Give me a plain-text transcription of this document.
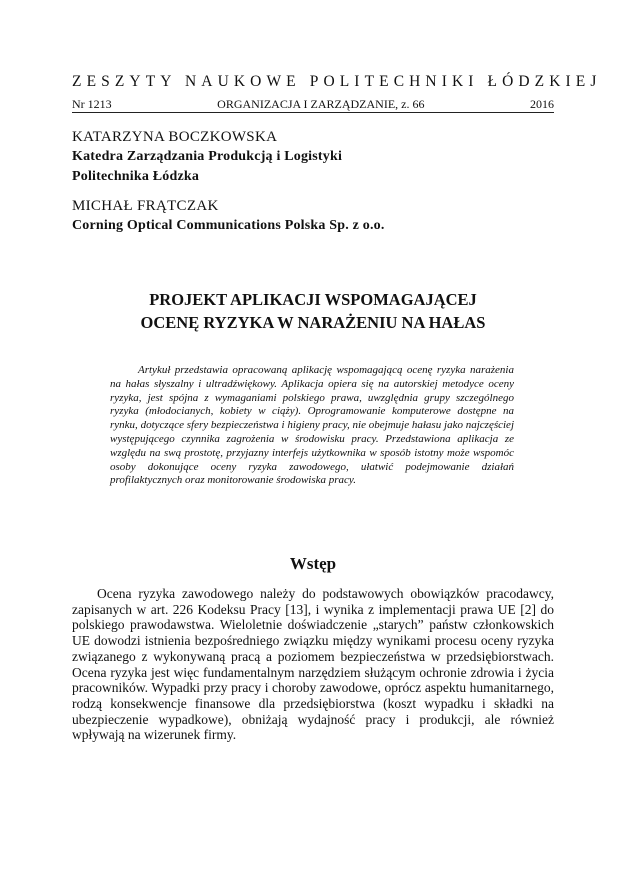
ZESZYTY NAUKOWE POLITECHNIKI ŁÓDZKIEJ
Nr 1213	ORGANIZACJA I ZARZĄDZANIE, z. 66	2016
KATARZYNA BOCZKOWSKA
Katedra Zarządzania Produkcją i Logistyki
Politechnika Łódzka
MICHAŁ FRĄTCZAK
Corning Optical Communications Polska Sp. z o.o.
PROJEKT APLIKACJI WSPOMAGAJĄCEJ
OCENĘ RYZYKA W NARAŻENIU NA HAŁAS

Artykuł przedstawia opracowaną aplikację wspomagającą ocenę ryzyka narażenia na hałas słyszalny i ultradźwiękowy. Aplikacja opiera się na autorskiej metodyce oceny ryzyka, jest spójna z wymaganiami polskiego prawa, uwzględnia grupy szczególnego ryzyka (młodocianych, kobiety w ciąży). Oprogramowanie komputerowe dostępne na rynku, dotyczące sfery bezpieczeństwa i higieny pracy, nie obejmuje hałasu jako najczęściej występującego czynnika zagrożenia w środowisku pracy. Przedstawiona aplikacja ze względu na swą prostotę, przyjazny interfejs użytkownika w sposób istotny może wspomóc osoby dokonujące oceny ryzyka zawodowego, ułatwić podejmowanie działań profilaktycznych oraz monitorowanie środowiska pracy.

Wstęp

Ocena ryzyka zawodowego należy do podstawowych obowiązków pracodawcy, zapisanych w art. 226 Kodeksu Pracy [13], i wynika z implementacji prawa UE [2] do polskiego prawodawstwa. Wieloletnie doświadczenie „starych” państw członkowskich UE dowodzi istnienia bezpośredniego związku między wynikami procesu oceny ryzyka związanego z wykonywaną pracą a poziomem bezpieczeństwa w przedsiębiorstwach. Ocena ryzyka jest więc fundamentalnym narzędziem służącym ochronie zdrowia i życia pracowników. Wypadki przy pracy i choroby zawodowe, oprócz aspektu humanitarnego, rodzą konsekwencje finansowe dla przedsiębiorstwa (koszt wypadku i składki na ubezpieczenie wypadkowe), obniżają wydajność pracy i produkcji, ale również wpływają na wizerunek firmy.
